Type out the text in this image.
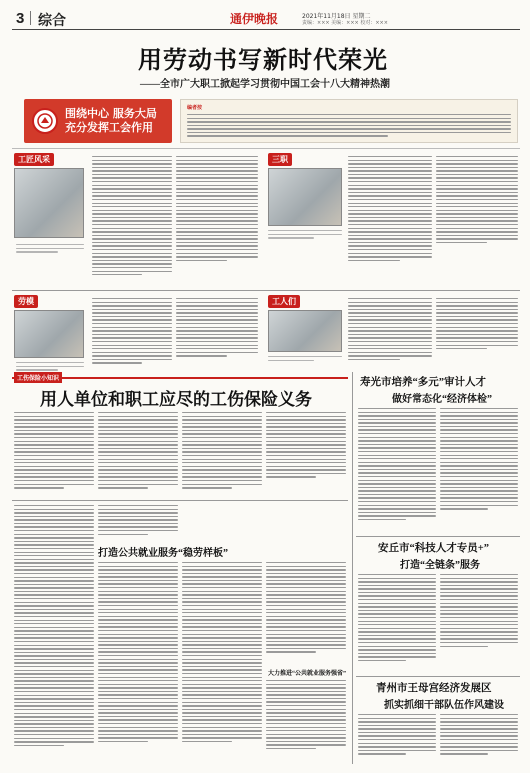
3 综合	通伊晚报	2021年11月18日 星期二
责编：××× 美编：××× 校对：×××
用劳动书写新时代荣光
——全市广大职工掀起学习贯彻中国工会十八大精神热潮
围绕中心 服务大局
充分发挥工会作用
编者按
工匠风采	三职
劳模	工人们
工伤保险小知识
用人单位和职工应尽的工伤保险义务
打造公共就业服务“稳劳样板”
大力推进“公共就业服务强省”
寿光市培养“多元”审计人才
做好常态化“经济体检”
安丘市“科技人才专员+”
打造“全链条”服务
青州市王母宫经济发展区
抓实抓细干部队伍作风建设
